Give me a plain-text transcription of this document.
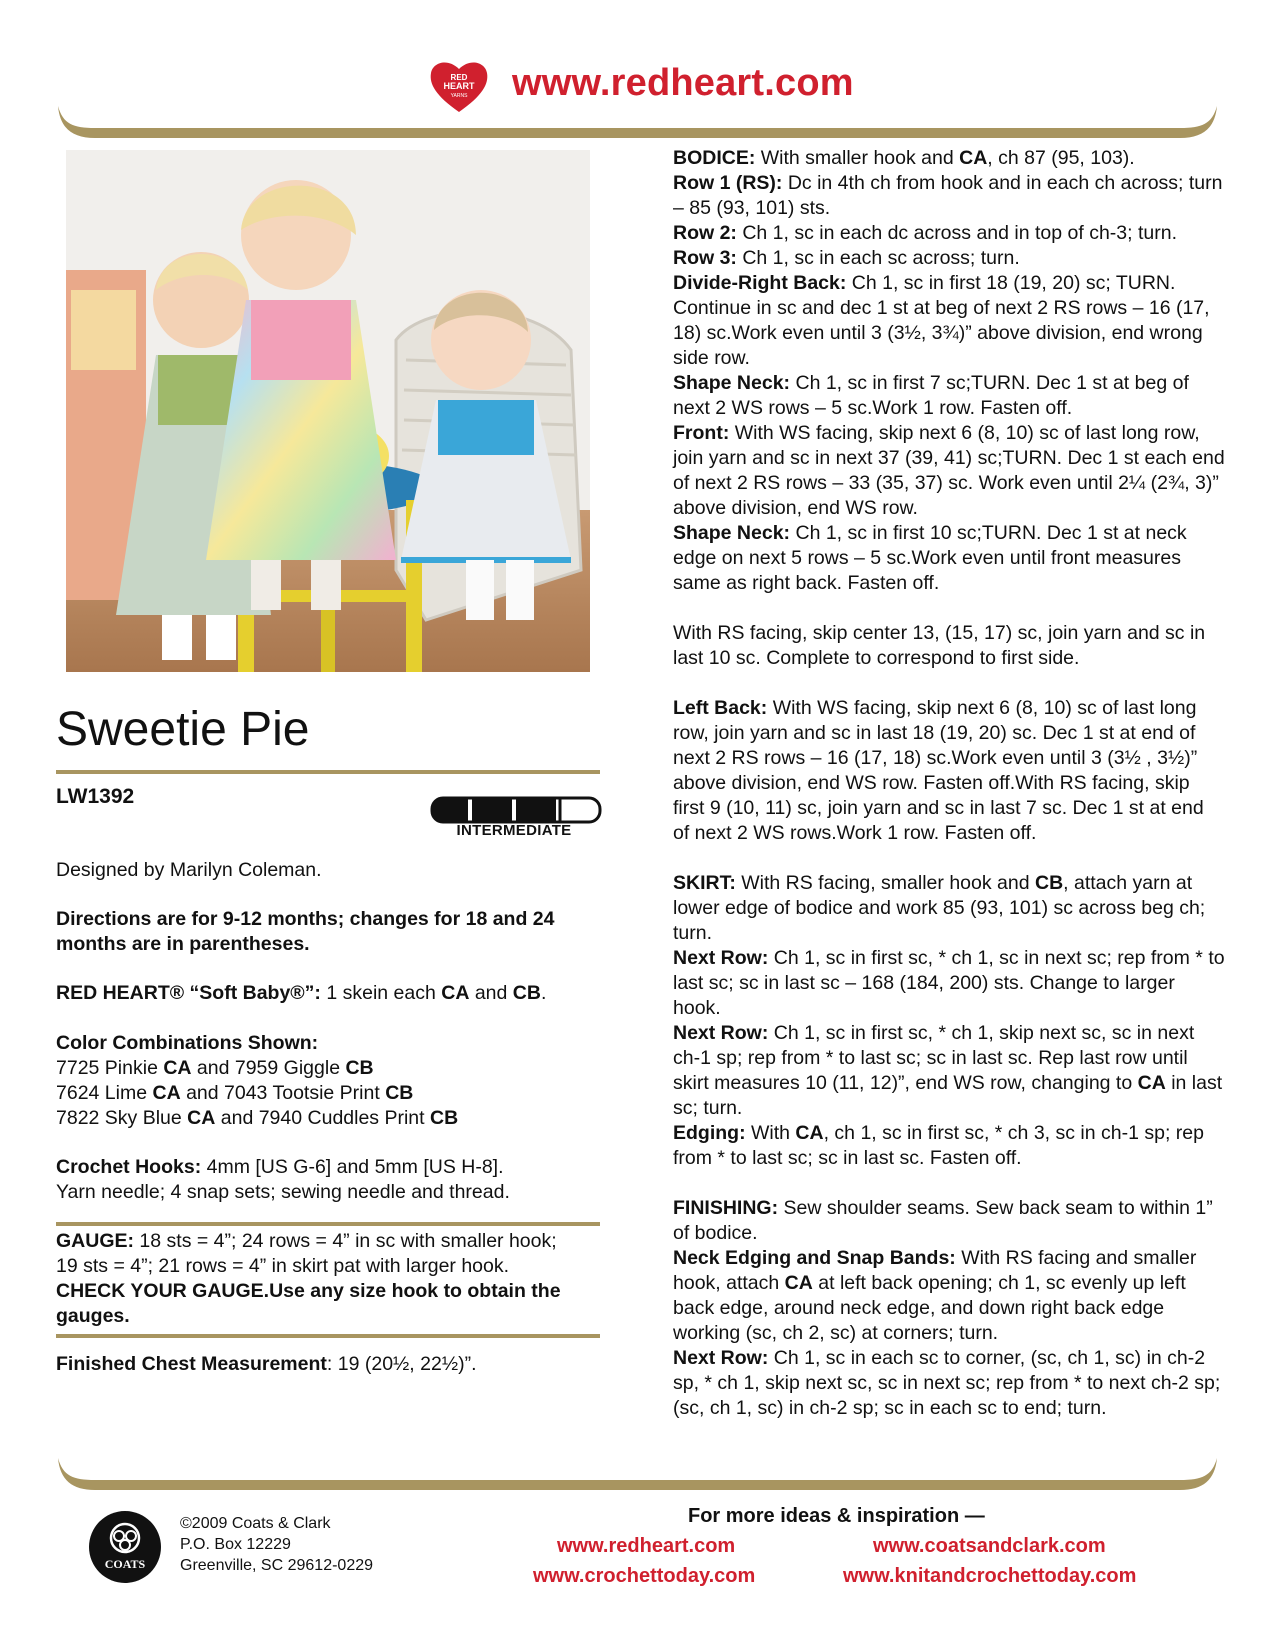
RED
HEART
YARNS www.redheart.com
Sweetie Pie
LW1392
INTERMEDIATE
Designed by Marilyn Coleman.
Directions are for 9-12 months; changes for 18 and 24 months are in parentheses.
RED HEART® “Soft Baby®”: 1 skein each CA and CB.
Color Combinations Shown:
7725 Pinkie CA and 7959 Giggle CB
7624 Lime CA and 7043 Tootsie Print CB
7822 Sky Blue CA and 7940 Cuddles Print CB
Crochet Hooks: 4mm [US G-6] and 5mm [US H-8].
Yarn needle; 4 snap sets; sewing needle and thread.
GAUGE: 18 sts = 4”; 24 rows = 4” in sc with smaller hook;
19 sts = 4”; 21 rows = 4” in skirt pat with larger hook.
CHECK YOUR GAUGE.Use any size hook to obtain the gauges.
Finished Chest Measurement: 19 (20½, 22½)”.

BODICE: With smaller hook and CA, ch 87 (95, 103).

Row 1 (RS): Dc in 4th ch from hook and in each ch across; turn – 85 (93, 101) sts.

Row 2: Ch 1, sc in each dc across and in top of ch-3; turn.

Row 3: Ch 1, sc in each sc across; turn.

Divide-Right Back: Ch 1, sc in first 18 (19, 20) sc; TURN. Continue in sc and dec 1 st at beg of next 2 RS rows – 16 (17, 18) sc.Work even until 3 (3½, 3¾)” above division, end wrong side row.

Shape Neck: Ch 1, sc in first 7 sc;TURN. Dec 1 st at beg of next 2 WS rows – 5 sc.Work 1 row. Fasten off.

Front: With WS facing, skip next 6 (8, 10) sc of last long row, join yarn and sc in next 37 (39, 41) sc;TURN. Dec 1 st each end of next 2 RS rows – 33 (35, 37) sc. Work even until 2¼ (2¾, 3)” above division, end WS row.

Shape Neck: Ch 1, sc in first 10 sc;TURN. Dec 1 st at neck edge on next 5 rows – 5 sc.Work even until front measures same as right back. Fasten off.

With RS facing, skip center 13, (15, 17) sc, join yarn and sc in last 10 sc. Complete to correspond to first side.

Left Back: With WS facing, skip next 6 (8, 10) sc of last long row, join yarn and sc in last 18 (19, 20) sc. Dec 1 st at end of next 2 RS rows – 16 (17, 18) sc.Work even until 3 (3½ , 3½)” above division, end WS row. Fasten off.With RS facing, skip first 9 (10, 11) sc, join yarn and sc in last 7 sc. Dec 1 st at end of next 2 WS rows.Work 1 row. Fasten off.

SKIRT: With RS facing, smaller hook and CB, attach yarn at lower edge of bodice and work 85 (93, 101) sc across beg ch; turn.

Next Row: Ch 1, sc in first sc, * ch 1, sc in next sc; rep from * to last sc; sc in last sc – 168 (184, 200) sts. Change to larger hook.

Next Row: Ch 1, sc in first sc, * ch 1, skip next sc, sc in next ch-1 sp; rep from * to last sc; sc in last sc. Rep last row until skirt measures 10 (11, 12)”, end WS row, changing to CA in last sc; turn.

Edging: With CA, ch 1, sc in first sc, * ch 3, sc in ch-1 sp; rep from * to last sc; sc in last sc. Fasten off.

FINISHING: Sew shoulder seams. Sew back seam to within 1” of bodice.

Neck Edging and Snap Bands: With RS facing and smaller hook, attach CA at left back opening; ch 1, sc evenly up left back edge, around neck edge, and down right back edge working (sc, ch 2, sc) at corners; turn.

Next Row: Ch 1, sc in each sc to corner, (sc, ch 1, sc) in ch-2 sp, * ch 1, skip next sc, sc in next sc; rep from * to next ch-2 sp; (sc, ch 1, sc) in ch-2 sp; sc in each sc to end; turn.

COATS
©2009 Coats & Clark
P.O. Box 12229
Greenville, SC 29612-0229
For more ideas & inspiration —
www.redheart.com	www.coatsandclark.com
www.crochettoday.com	www.knitandcrochettoday.com
